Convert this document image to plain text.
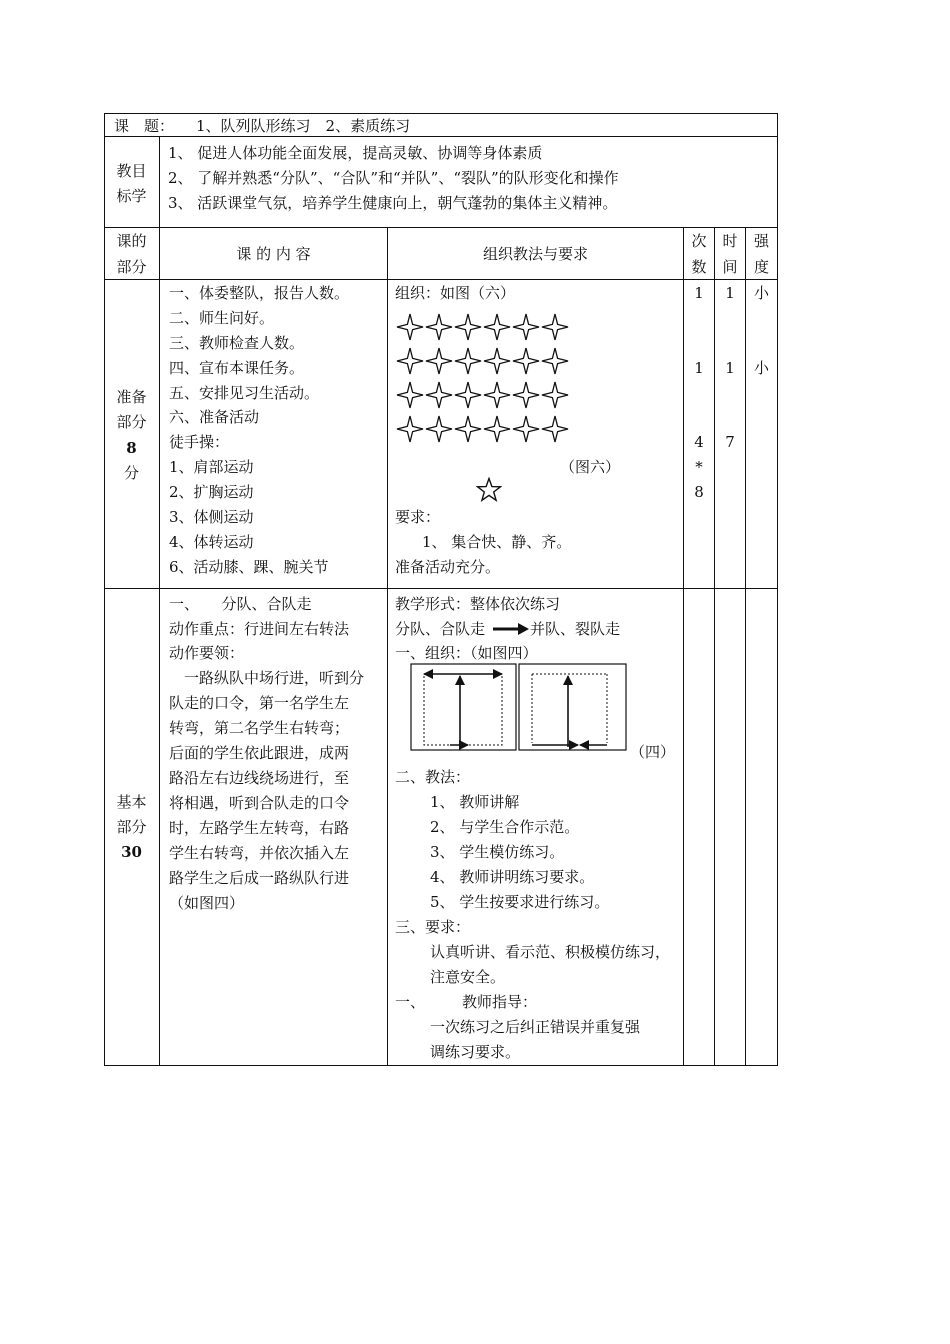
课　题： 1、队列队形练习　2、素质练习
教目
标学
1、 促进人体功能全面发展，提高灵敏、协调等身体素质
2、 了解并熟悉“分队”、“合队”和“并队”、“裂队”的队形变化和操作
3、 活跃课堂气氛，培养学生健康向上，朝气蓬勃的集体主义精神。
课的
部分
课 的 内 容	组织教法与要求
次
数
时
间
强
度
准备
部分
8
分
一、体委整队，报告人数。
二、师生问好。
三、教师检查人数。
四、宣布本课任务。
五、安排见习生活动。
六、准备活动
徒手操：
1、肩部运动
2、扩胸运动
3、体侧运动
4、体转运动
6、活动膝、踝、腕关节
组织：如图（六）
（图六）
要求：
1、 集合快、静、齐。
准备活动充分。
1
1
4
*
8
1
1
7
小
小
基本
部分
30
一、　　分队、合队走
动作重点：行进间左右转法
动作要领：
　一路纵队中场行进，听到分
队走的口令，第一名学生左
转弯，第二名学生右转弯；
后面的学生依此跟进，成两
路沿左右边线绕场进行，至
将相遇，听到合队走的口令
时，左路学生左转弯，右路
学生右转弯，并依次插入左
路学生之后成一路纵队行进
（如图四）
教学形式：整体依次练习
分队、合队走	并队、裂队走
一、组织：（如图四）
（四）
二、教法：
1、 教师讲解
2、 与学生合作示范。
3、 学生模仿练习。
4、 教师讲明练习要求。
5、 学生按要求进行练习。
三、要求：
认真听讲、看示范、积极模仿练习，
注意安全。
一、 教师指导：
一次练习之后纠正错误并重复强
调练习要求。
